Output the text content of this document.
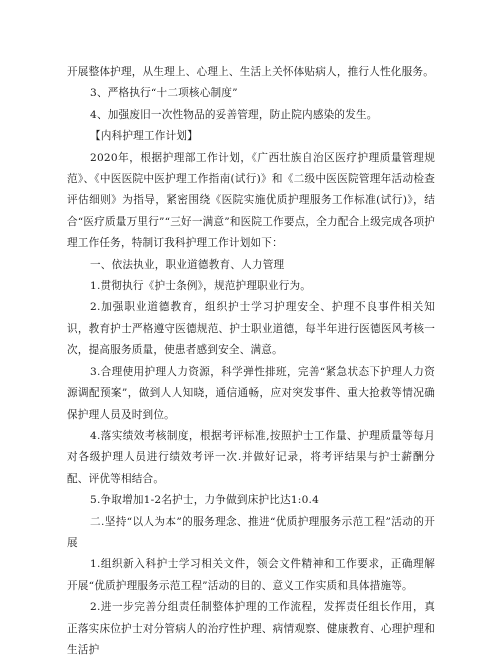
开展整体护理，从生理上、心理上、生活上关怀体贴病人，推行人性化服务。

3、严格执行“十二项核心制度”

4、加强废旧一次性物品的妥善管理，防止院内感染的发生。

【内科护理工作计划】

2020年，根据护理部工作计划，《广西壮族自治区医疗护理质量管理规范》、《中医医院中医护理工作指南(试行)》和《二级中医医院管理年活动检查评估细则》为指导，紧密围绕《医院实施优质护理服务工作标准(试行)》，结合“医疗质量万里行”“三好一满意”和医院工作要点，全力配合上级完成各项护理工作任务，特制订我科护理工作计划如下：

一、依法执业，职业道德教育、人力管理

1.贯彻执行《护士条例》，规范护理职业行为。

2.加强职业道德教育，组织护士学习护理安全、护理不良事件相关知识，教育护士严格遵守医德规范、护士职业道德，每半年进行医德医风考核一次，提高服务质量，使患者感到安全、满意。

3.合理使用护理人力资源，科学弹性排班，完善“紧急状态下护理人力资源调配预案”，做到人人知晓，通信通畅，应对突发事件、重大抢救等情况确保护理人员及时到位。

4.落实绩效考核制度，根据考评标准,按照护士工作量、护理质量等每月对各级护理人员进行绩效考评一次.并做好记录，将考评结果与护士薪酬分配、评优等相结合。

5.争取增加1-2名护士，力争做到床护比达1:0.4

二.坚持“以人为本”的服务理念、推进“优质护理服务示范工程”活动的开展

1.组织新入科护士学习相关文件，领会文件精神和工作要求，正确理解开展“优质护理服务示范工程”活动的目的、意义工作实质和具体措施等。

2.进一步完善分组责任制整体护理的工作流程，发挥责任组长作用，真正落实床位护士对分管病人的治疗性护理、病情观察、健康教育、心理护理和生活护
